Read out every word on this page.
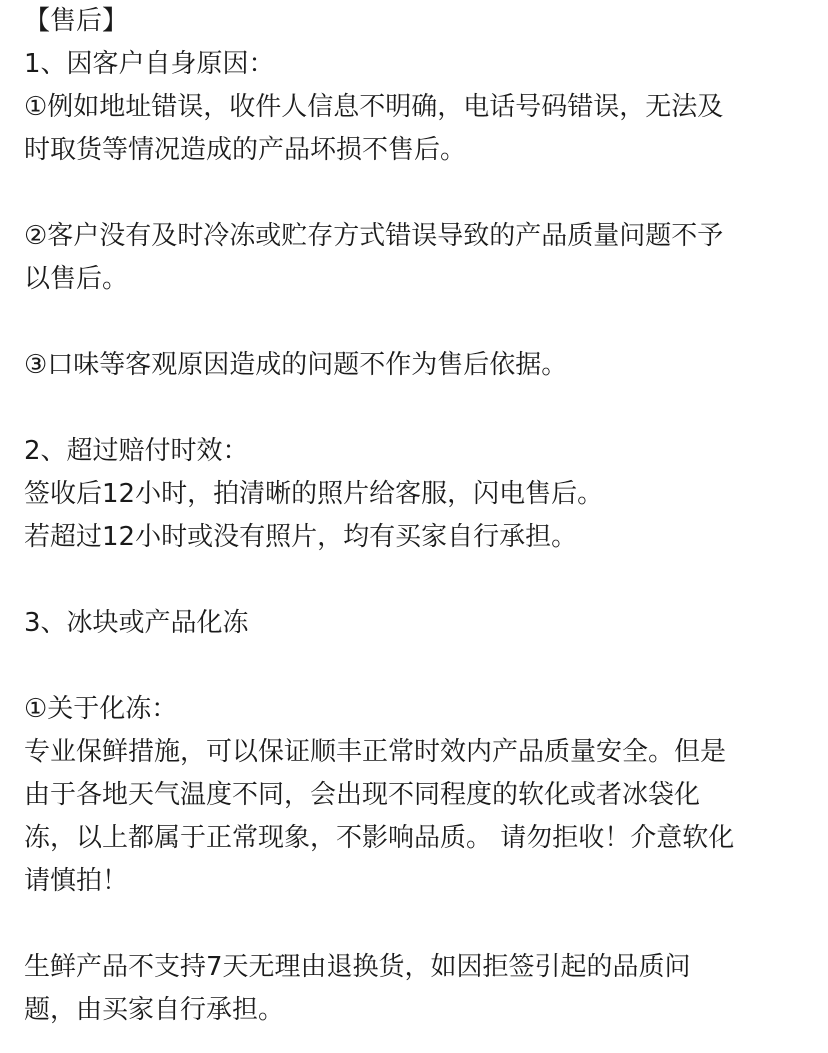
【售后】
1、因客户自身原因：
①例如地址错误，收件人信息不明确，电话号码错误，无法及
时取货等情况造成的产品坏损不售后。
②客户没有及时冷冻或贮存方式错误导致的产品质量问题不予
以售后。
③口味等客观原因造成的问题不作为售后依据。
2、超过赔付时效：
签收后12小时，拍清晰的照片给客服，闪电售后。
若超过12小时或没有照片，均有买家自行承担。
3、冰块或产品化冻
①关于化冻：
专业保鲜措施，可以保证顺丰正常时效内产品质量安全。但是
由于各地天气温度不同，会出现不同程度的软化或者冰袋化
冻，以上都属于正常现象，不影响品质。 请勿拒收！介意软化
请慎拍！
生鲜产品不支持7天无理由退换货，如因拒签引起的品质问
题，由买家自行承担。
